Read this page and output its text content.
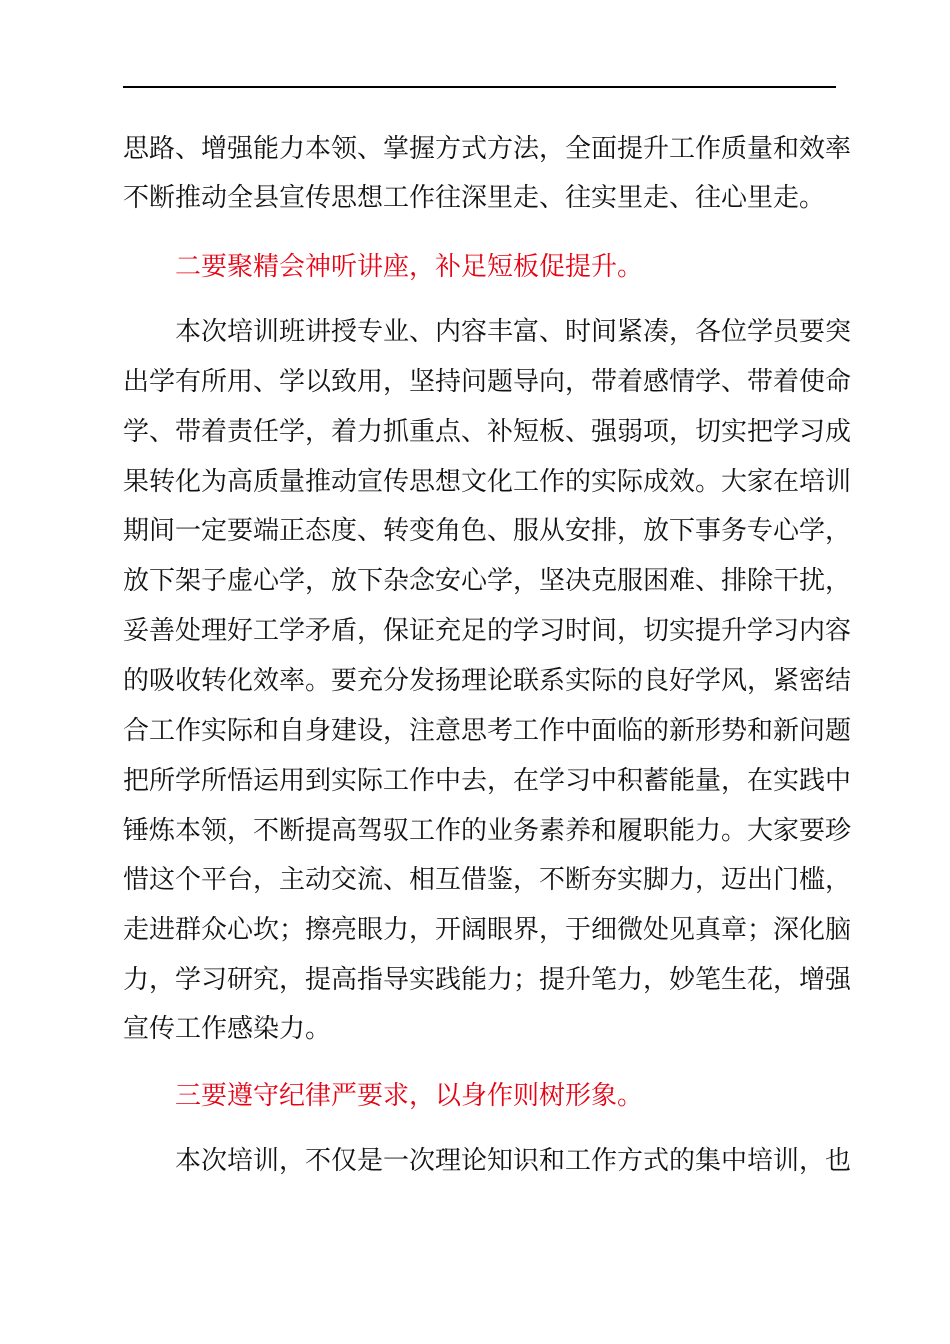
思路、增强能力本领、掌握方式方法，全面提升工作质量和效率
不断推动全县宣传思想工作往深里走、往实里走、往心里走。
二要聚精会神听讲座，补足短板促提升。
本次培训班讲授专业、内容丰富、时间紧凑，各位学员要突
出学有所用、学以致用，坚持问题导向，带着感情学、带着使命
学、带着责任学，着力抓重点、补短板、强弱项，切实把学习成
果转化为高质量推动宣传思想文化工作的实际成效。大家在培训
期间一定要端正态度、转变角色、服从安排，放下事务专心学，
放下架子虚心学，放下杂念安心学，坚决克服困难、排除干扰，
妥善处理好工学矛盾，保证充足的学习时间，切实提升学习内容
的吸收转化效率。要充分发扬理论联系实际的良好学风，紧密结
合工作实际和自身建设，注意思考工作中面临的新形势和新问题
把所学所悟运用到实际工作中去，在学习中积蓄能量，在实践中
锤炼本领，不断提高驾驭工作的业务素养和履职能力。大家要珍
惜这个平台，主动交流、相互借鉴，不断夯实脚力，迈出门槛，
走进群众心坎；擦亮眼力，开阔眼界，于细微处见真章；深化脑
力，学习研究，提高指导实践能力；提升笔力，妙笔生花，增强
宣传工作感染力。
三要遵守纪律严要求，以身作则树形象。
本次培训，不仅是一次理论知识和工作方式的集中培训，也
